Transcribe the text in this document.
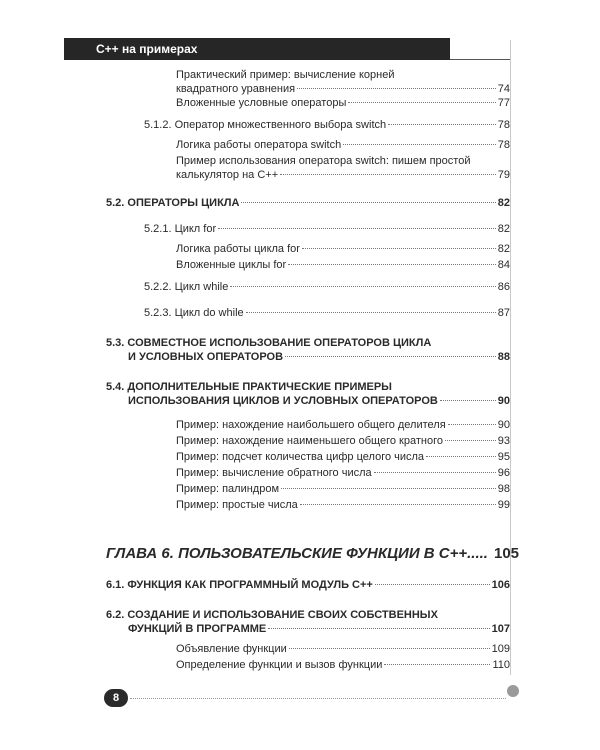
С++ на примерах
Практический пример: вычисление корней
квадратного уравнения	74
Вложенные условные операторы	77
5.1.2. Оператор множественного выбора switch	78
Логика работы оператора switch	78
Пример использования оператора switch: пишем простой
калькулятор на С++	79
5.2. ОПЕРАТОРЫ ЦИКЛА	82
5.2.1. Цикл for	82
Логика работы цикла for	82
Вложенные циклы for	84
5.2.2. Цикл while	86
5.2.3. Цикл do while	87
5.3. СОВМЕСТНОЕ ИСПОЛЬЗОВАНИЕ ОПЕРАТОРОВ ЦИКЛА
И УСЛОВНЫХ ОПЕРАТОРОВ	88
5.4. ДОПОЛНИТЕЛЬНЫЕ ПРАКТИЧЕСКИЕ ПРИМЕРЫ
ИСПОЛЬЗОВАНИЯ ЦИКЛОВ И УСЛОВНЫХ ОПЕРАТОРОВ	90
Пример: нахождение наибольшего общего делителя	90
Пример: нахождение наименьшего общего кратного	93
Пример: подсчет количества цифр целого числа	95
Пример: вычисление обратного числа	96
Пример: палиндром	98
Пример: простые числа	99
ГЛАВА 6. ПОЛЬЗОВАТЕЛЬСКИЕ ФУНКЦИИ В С++..... 105
6.1. ФУНКЦИЯ КАК ПРОГРАММНЫЙ МОДУЛЬ С++	106
6.2. СОЗДАНИЕ И ИСПОЛЬЗОВАНИЕ СВОИХ СОБСТВЕННЫХ
ФУНКЦИЙ В ПРОГРАММЕ	107
Объявление функции	109
Определение функции и вызов функции	110
8
